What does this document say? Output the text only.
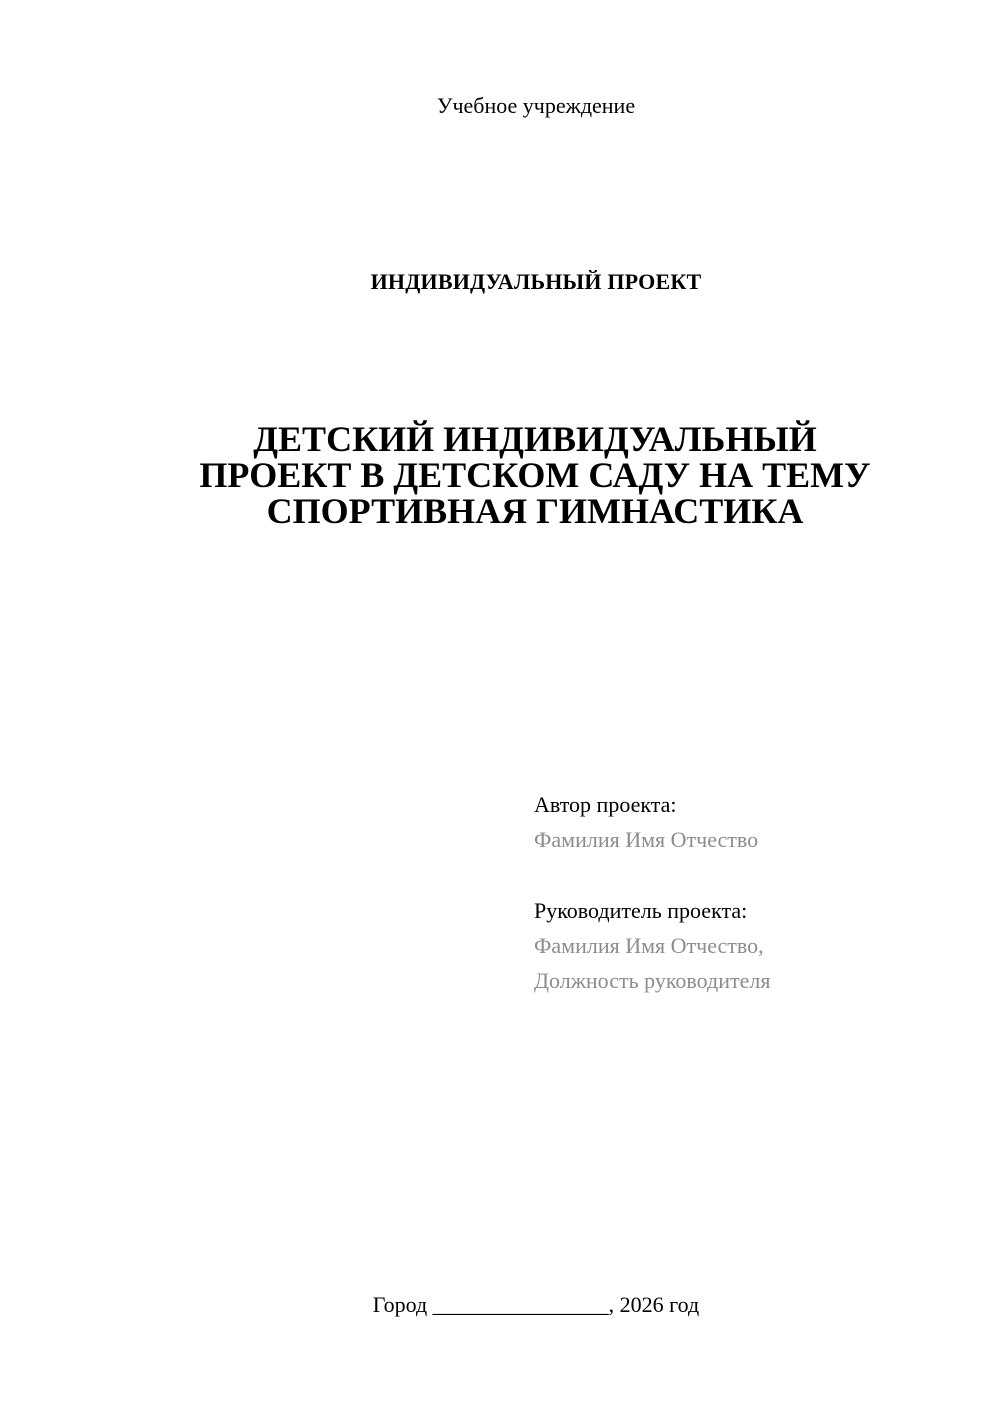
Учебное учреждение
ИНДИВИДУАЛЬНЫЙ ПРОЕКТ
ДЕТСКИЙ ИНДИВИДУАЛЬНЫЙ
ПРОЕКТ В ДЕТСКОМ САДУ НА ТЕМУ
СПОРТИВНАЯ ГИМНАСТИКА
Автор проекта:
Фамилия Имя Отчество
Руководитель проекта:
Фамилия Имя Отчество,
Должность руководителя
Город ________________, 2026 год
